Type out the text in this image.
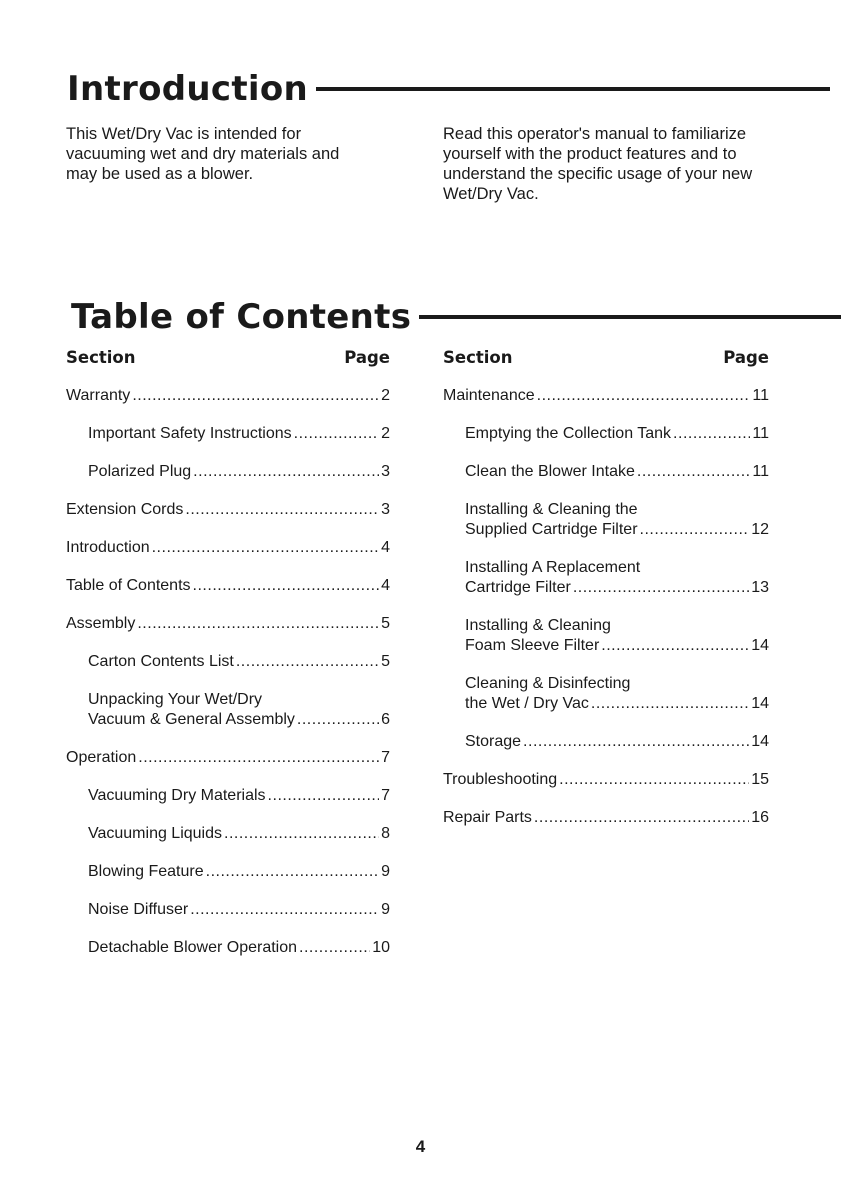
Introduction

This Wet/Dry Vac is intended for vacuuming wet and dry materials and may be used as a blower.

Read this operator's manual to familiarize yourself with the product features and to understand the specific usage of your new Wet/Dry Vac.

Table of Contents
Section	Page
Warranty .....	2
Important Safety Instructions .....	2
Polarized Plug .....	3
Extension Cords .....	3
Introduction .....	4
Table of Contents .....	4
Assembly .....	5
Carton Contents List .....	5
Unpacking Your Wet/Dry
Vacuum & General Assembly .....	6
Operation .....	7
Vacuuming Dry Materials .....	7
Vacuuming Liquids .....	8
Blowing Feature .....	9
Noise Diffuser .....	9
Detachable Blower Operation .....	10
Section	Page
Maintenance .....	11
Emptying the Collection Tank .....	11
Clean the Blower Intake .....	11
Installing & Cleaning the
Supplied Cartridge Filter .....	12
Installing A Replacement
Cartridge Filter .....	13
Installing & Cleaning
Foam Sleeve Filter .....	14
Cleaning & Disinfecting
the Wet / Dry Vac .....	14
Storage .....	14
Troubleshooting .....	15
Repair Parts .....	16
4
